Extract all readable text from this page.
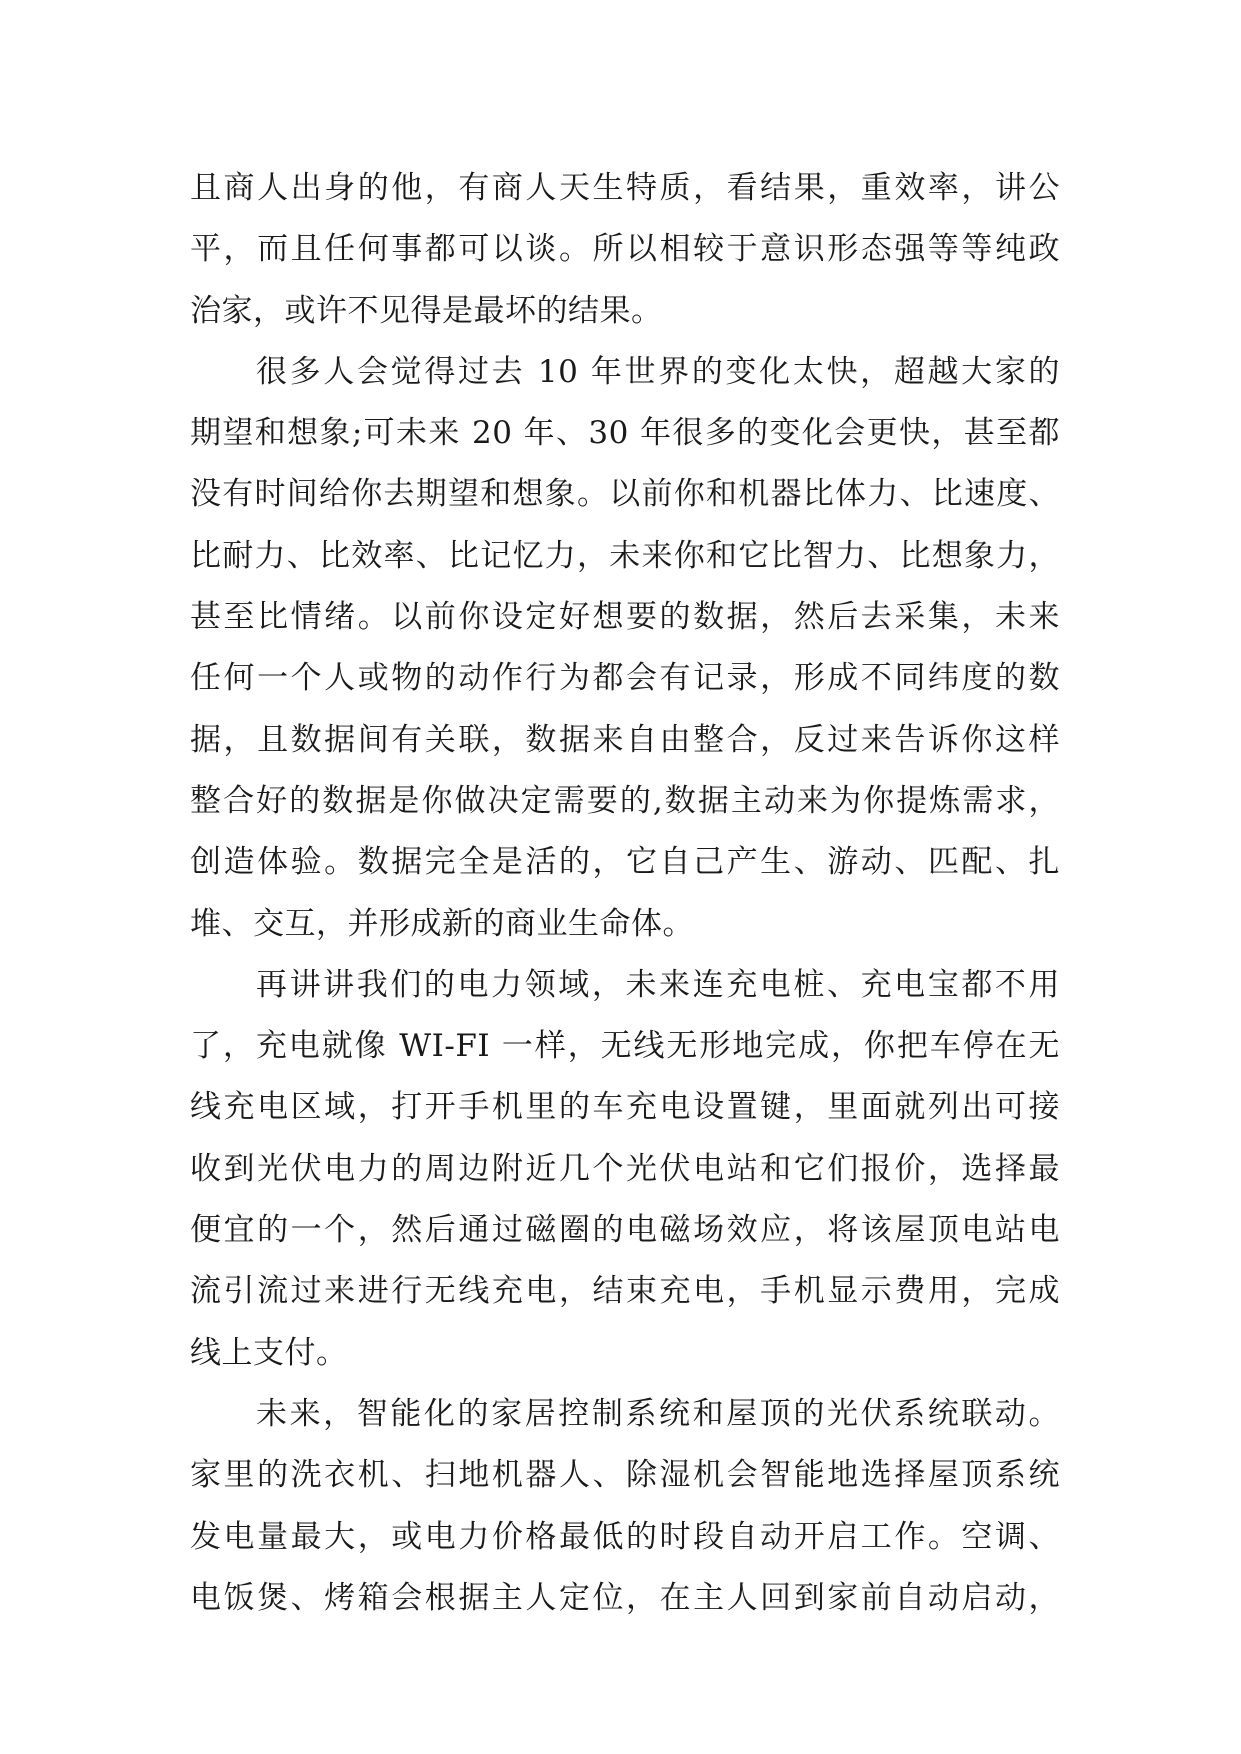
且商人出身的他，有商人天生特质，看结果，重效率，讲公
平，而且任何事都可以谈。所以相较于意识形态强等等纯政
治家，或许不见得是最坏的结果。
很多人会觉得过去 10 年世界的变化太快，超越大家的
期望和想象;可未来 20 年、30 年很多的变化会更快，甚至都
没有时间给你去期望和想象。以前你和机器比体力、比速度、
比耐力、比效率、比记忆力，未来你和它比智力、比想象力，
甚至比情绪。以前你设定好想要的数据，然后去采集，未来
任何一个人或物的动作行为都会有记录，形成不同纬度的数
据，且数据间有关联，数据来自由整合，反过来告诉你这样
整合好的数据是你做决定需要的,数据主动来为你提炼需求，
创造体验。数据完全是活的，它自己产生、游动、匹配、扎
堆、交互，并形成新的商业生命体。
再讲讲我们的电力领域，未来连充电桩、充电宝都不用
了，充电就像 WI-FI 一样，无线无形地完成，你把车停在无
线充电区域，打开手机里的车充电设置键，里面就列出可接
收到光伏电力的周边附近几个光伏电站和它们报价，选择最
便宜的一个，然后通过磁圈的电磁场效应，将该屋顶电站电
流引流过来进行无线充电，结束充电，手机显示费用，完成
线上支付。
未来，智能化的家居控制系统和屋顶的光伏系统联动。
家里的洗衣机、扫地机器人、除湿机会智能地选择屋顶系统
发电量最大，或电力价格最低的时段自动开启工作。空调、
电饭煲、烤箱会根据主人定位，在主人回到家前自动启动，
